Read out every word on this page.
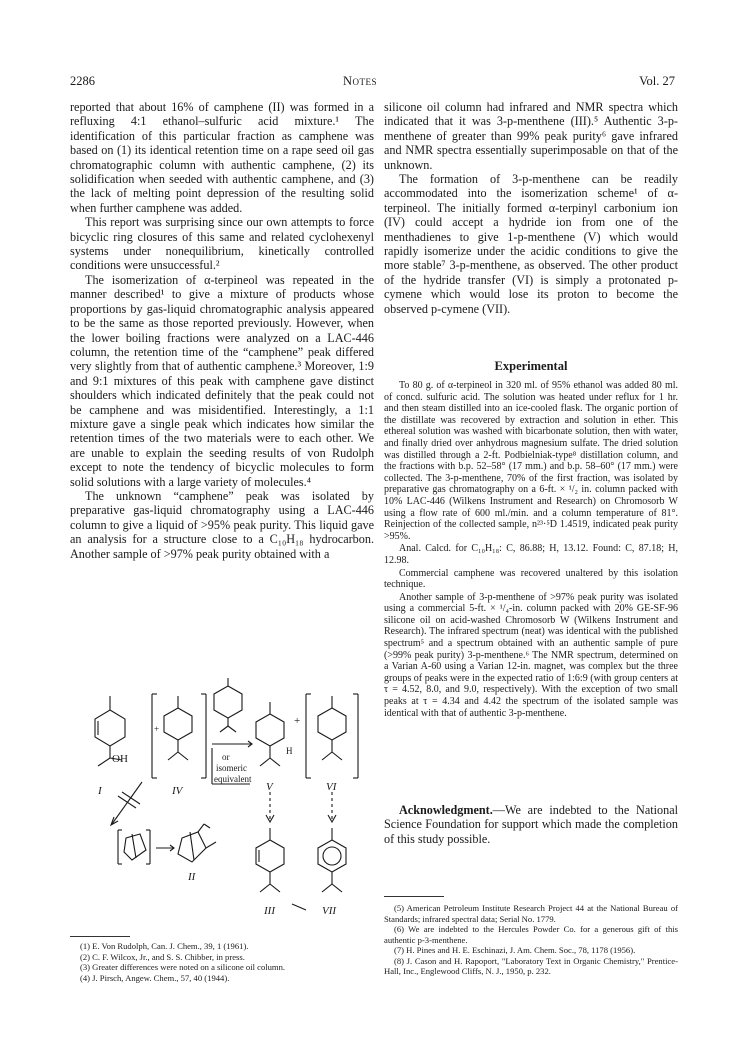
2286	Notes	Vol. 27

reported that about 16% of camphene (II) was formed in a refluxing 4:1 ethanol–sulfuric acid mixture.¹ The identification of this particular fraction as camphene was based on (1) its identical retention time on a rape seed oil gas chromatographic column with authentic camphene, (2) its solidification when seeded with authentic camphene, and (3) the lack of melting point depression of the resulting solid when further camphene was added.

This report was surprising since our own attempts to force bicyclic ring closures of this same and related cyclohexenyl systems under nonequilibrium, kinetically controlled conditions were unsuccessful.²

The isomerization of α-terpineol was repeated in the manner described¹ to give a mixture of products whose proportions by gas-liquid chromatographic analysis appeared to be the same as those reported previously. However, when the lower boiling fractions were analyzed on a LAC-446 column, the retention time of the “camphene” peak differed very slightly from that of authentic camphene.³ Moreover, 1:9 and 9:1 mixtures of this peak with camphene gave distinct shoulders which indicated definitely that the peak could not be camphene and was misidentified. Interestingly, a 1:1 mixture gave a single peak which indicates how similar the retention times of the two materials were to each other. We are unable to explain the seeding results of von Rudolph except to note the tendency of bicyclic molecules to form solid solutions with a large variety of molecules.⁴

The unknown “camphene” peak was isolated by preparative gas-liquid chromatography using a LAC-446 column to give a liquid of >95% peak purity. This liquid gave an analysis for a structure close to a C₁₀H₁₈ hydrocarbon. Another sample of >97% peak purity obtained with a

silicone oil column had infrared and NMR spectra which indicated that it was 3-p-menthene (III).⁵ Authentic 3-p-menthene of greater than 99% peak purity⁶ gave infrared and NMR spectra essentially superimposable on that of the unknown.

The formation of 3-p-menthene can be readily accommodated into the isomerization scheme¹ of α-terpineol. The initially formed α-terpinyl carbonium ion (IV) could accept a hydride ion from one of the menthadienes to give 1-p-menthene (V) which would rapidly isomerize under the acidic conditions to give the more stable⁷ 3-p-menthene, as observed. The other product of the hydride transfer (VI) is simply a protonated p-cymene which would lose its proton to become the observed p-cymene (VII).

Experimental

To 80 g. of α-terpineol in 320 ml. of 95% ethanol was added 80 ml. of concd. sulfuric acid. The solution was heated under reflux for 1 hr. and then steam distilled into an ice-cooled flask. The organic portion of the distillate was recovered by extraction and solution in ether. This ethereal solution was washed with bicarbonate solution, then with water, and finally dried over anhydrous magnesium sulfate. The dried solution was distilled through a 2-ft. Podbielniak-type⁸ distillation column, and the fractions with b.p. 52–58° (17 mm.) and b.p. 58–60° (17 mm.) were collected. The 3-p-menthene, 70% of the first fraction, was isolated by preparative gas chromatography on a 6-ft. × ¹/₂ in. column packed with 10% LAC-446 (Wilkens Instrument and Research) on Chromosorb W using a flow rate of 600 ml./min. and a column temperature of 81°. Reinjection of the collected sample, n²³·⁵D 1.4519, indicated peak purity >95%.

Anal. Calcd. for C₁₀H₁₈: C, 86.88; H, 13.12. Found: C, 87.18; H, 12.98.

Commercial camphene was recovered unaltered by this isolation technique.

Another sample of 3-p-menthene of >97% peak purity was isolated using a commercial 5-ft. × ¹/₄-in. column packed with 20% GE-SF-96 silicone oil on acid-washed Chromosorb W (Wilkens Instrument and Research). The infrared spectrum (neat) was identical with the published spectrum⁵ and a spectrum obtained with an authentic sample of pure (>99% peak purity) 3-p-menthene.⁶ The NMR spectrum, determined on a Varian A-60 using a Varian 12-in. magnet, was complex but the three groups of peaks were in the expected ratio of 1:6:9 (with group centers at τ = 4.52, 8.0, and 9.0, respectively). With the exception of two small peaks at τ = 4.34 and 4.42 the spectrum of the isolated sample was identical with that of authentic 3-p-menthene.

Acknowledgment.—We are indebted to the National Science Foundation for support which made the completion of this study possible.

OH
I	IV
+
or
isomeric
equivalent
H
+
V	VI
II
III	VII
(1) E. Von Rudolph, Can. J. Chem., 39, 1 (1961).
(2) C. F. Wilcox, Jr., and S. S. Chibber, in press.
(3) Greater differences were noted on a silicone oil column.
(4) J. Pirsch, Angew. Chem., 57, 40 (1944).
(5) American Petroleum Institute Research Project 44 at the National Bureau of Standards; infrared spectral data; Serial No. 1779.
(6) We are indebted to the Hercules Powder Co. for a generous gift of this authentic p-3-menthene.
(7) H. Pines and H. E. Eschinazi, J. Am. Chem. Soc., 78, 1178 (1956).
(8) J. Cason and H. Rapoport, "Laboratory Text in Organic Chemistry," Prentice-Hall, Inc., Englewood Cliffs, N. J., 1950, p. 232.
